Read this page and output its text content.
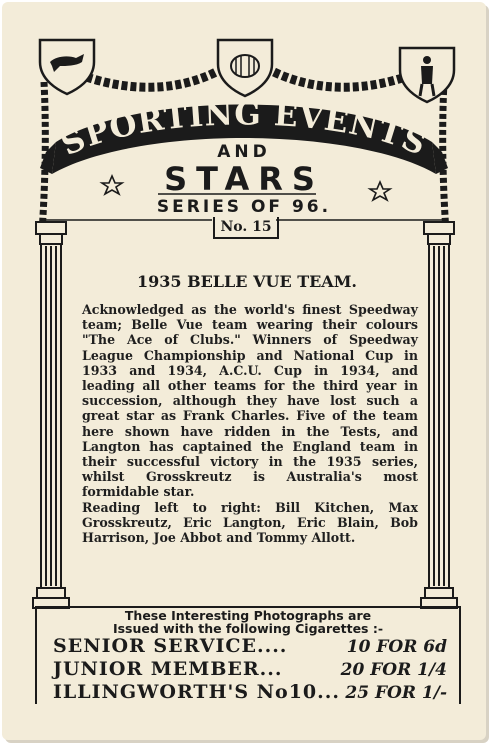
SPORTING EVENTS
AND
STARS
SERIES OF 96.
No. 15
1935 BELLE VUE TEAM.

Acknowledged as the world's finest Speedway team; Belle Vue team wearing their colours "The Ace of Clubs." Winners of Speedway League Championship and National Cup in 1933 and 1934, A.C.U. Cup in 1934, and leading all other teams for the third year in succession, although they have lost such a great star as Frank Charles. Five of the team here shown have ridden in the Tests, and Langton has captained the England team in their successful victory in the 1935 series, whilst Grosskreutz is Australia's most formidable star.

Reading left to right: Bill Kitchen, Max Grosskreutz, Eric Langton, Eric Blain, Bob Harrison, Joe Abbot and Tommy Allott.

These Interesting Photographs are
Issued with the following Cigarettes :-
SENIOR SERVICE....	10 FOR 6d
JUNIOR MEMBER...	20 FOR 1/4
ILLINGWORTH'S No10... 25 FOR 1/-
